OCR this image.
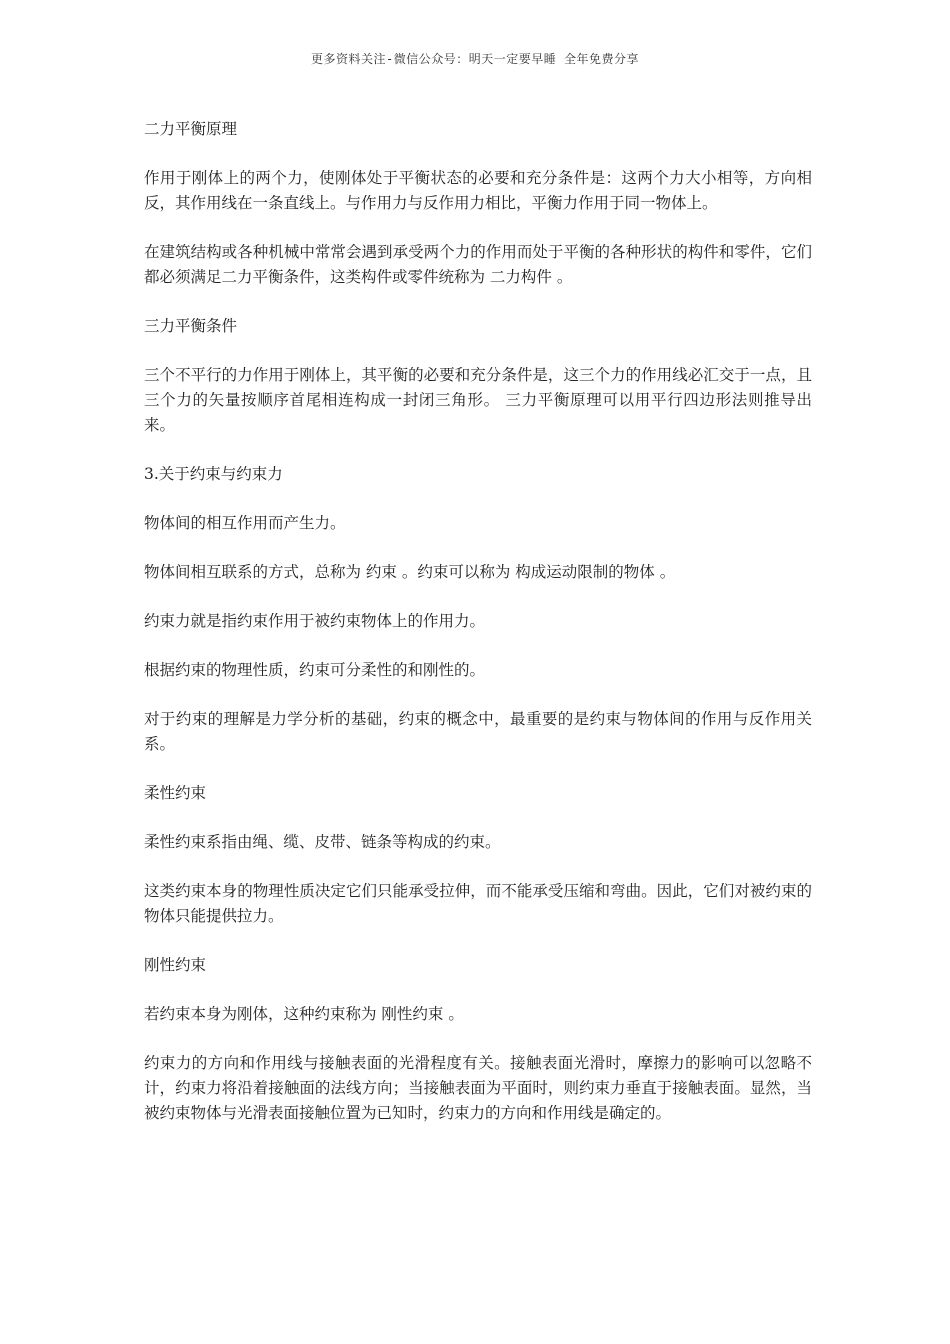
更多资料关注-微信公众号：明天一定要早睡 全年免费分享

二力平衡原理

作用于刚体上的两个力，使刚体处于平衡状态的必要和充分条件是：这两个力大小相等，方向相反，其作用线在一条直线上。与作用力与反作用力相比，平衡力作用于同一物体上。

在建筑结构或各种机械中常常会遇到承受两个力的作用而处于平衡的各种形状的构件和零件，它们都必须满足二力平衡条件，这类构件或零件统称为 二力构件 。

三力平衡条件

三个不平行的力作用于刚体上，其平衡的必要和充分条件是，这三个力的作用线必汇交于一点，且三个力的矢量按顺序首尾相连构成一封闭三角形。 三力平衡原理可以用平行四边形法则推导出来。

3.关于约束与约束力

物体间的相互作用而产生力。

物体间相互联系的方式，总称为 约束 。约束可以称为 构成运动限制的物体 。

约束力就是指约束作用于被约束物体上的作用力。

根据约束的物理性质，约束可分柔性的和刚性的。

对于约束的理解是力学分析的基础，约束的概念中，最重要的是约束与物体间的作用与反作用关系。

柔性约束

柔性约束系指由绳、缆、皮带、链条等构成的约束。

这类约束本身的物理性质决定它们只能承受拉伸，而不能承受压缩和弯曲。因此，它们对被约束的物体只能提供拉力。

刚性约束

若约束本身为刚体，这种约束称为 刚性约束 。

约束力的方向和作用线与接触表面的光滑程度有关。接触表面光滑时，摩擦力的影响可以忽略不计，约束力将沿着接触面的法线方向；当接触表面为平面时，则约束力垂直于接触表面。显然，当被约束物体与光滑表面接触位置为已知时，约束力的方向和作用线是确定的。
